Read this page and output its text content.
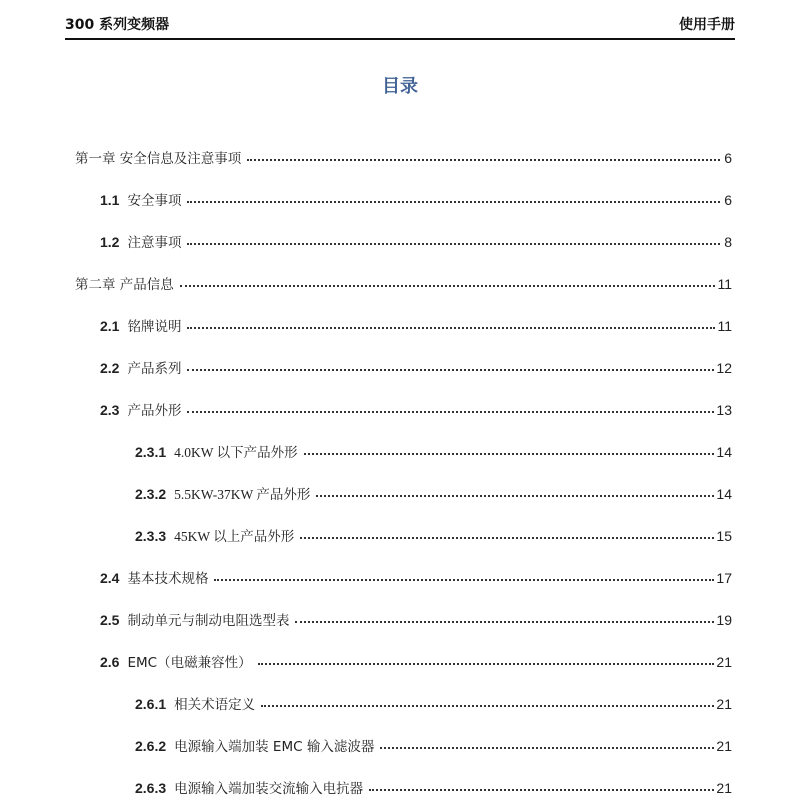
300 系列变频器	使用手册
目录
第一章 安全信息及注意事项	6
1.1 安全事项	6
1.2 注意事项	8
第二章 产品信息	11
2.1 铭牌说明	11
2.2 产品系列	12
2.3 产品外形	13
2.3.1 4.0KW 以下产品外形	14
2.3.2 5.5KW-37KW 产品外形	14
2.3.3 45KW 以上产品外形	15
2.4 基本技术规格	17
2.5 制动单元与制动电阻选型表	19
2.6 EMC（电磁兼容性）	21
2.6.1 相关术语定义	21
2.6.2 电源输入端加装 EMC 输入滤波器	21
2.6.3 电源输入端加装交流输入电抗器	21
